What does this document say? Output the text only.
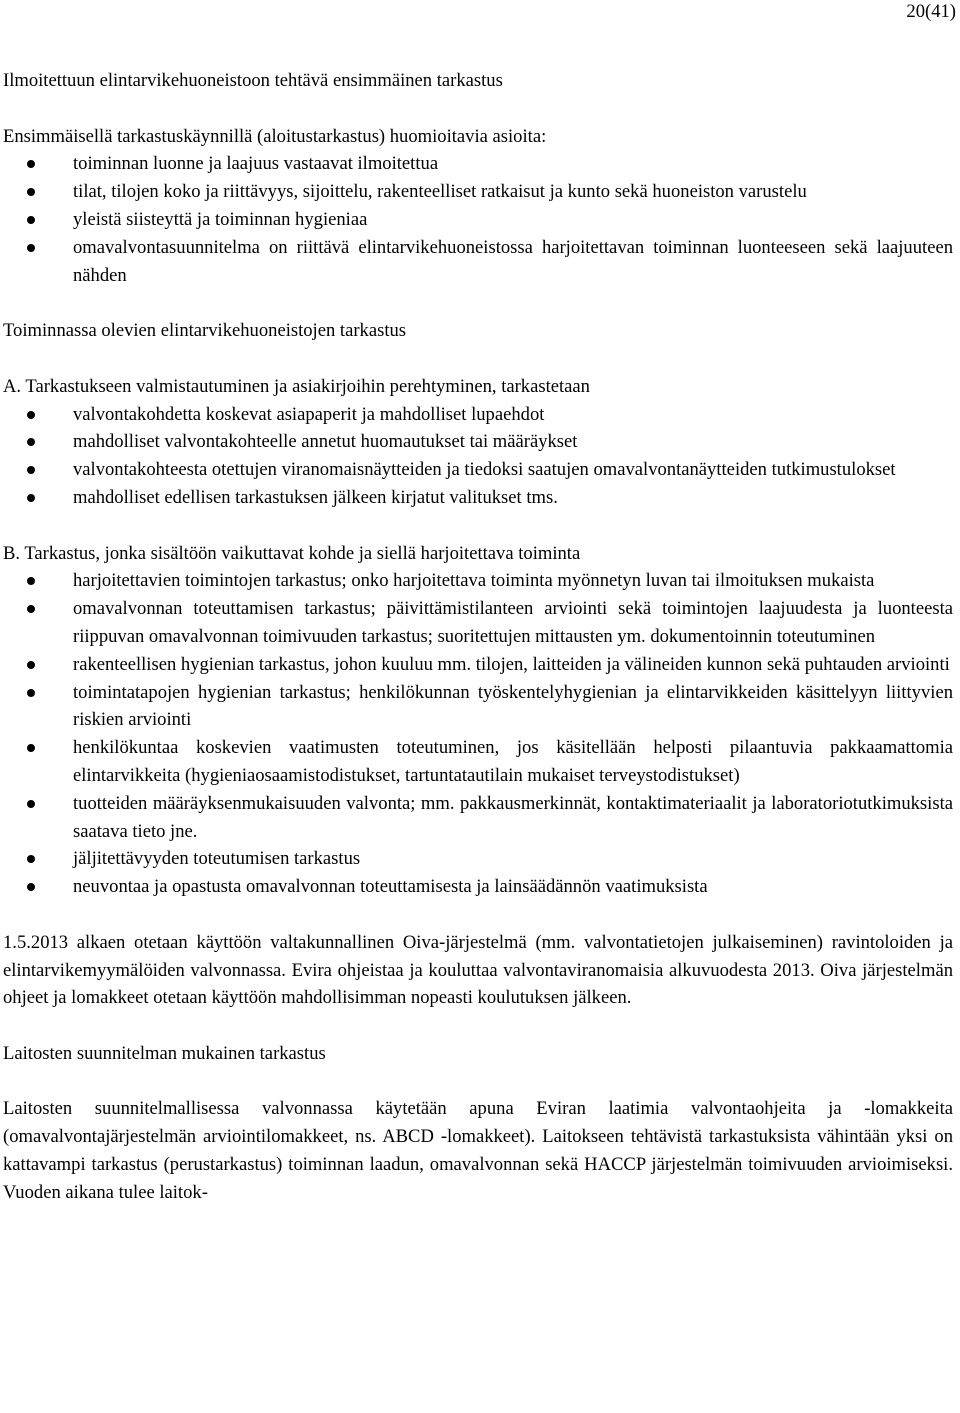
20(41)

Ilmoitettuun elintarvikehuoneistoon tehtävä ensimmäinen tarkastus

Ensimmäisellä tarkastuskäynnillä (aloitustarkastus) huomioitavia asioita:

toiminnan luonne ja laajuus vastaavat ilmoitettua
tilat, tilojen koko ja riittävyys, sijoittelu, rakenteelliset ratkaisut ja kunto sekä huoneiston varustelu
yleistä siisteyttä ja toiminnan hygieniaa
omavalvontasuunnitelma on riittävä elintarvikehuoneistossa harjoitettavan toiminnan luonteeseen sekä laajuuteen nähden

Toiminnassa olevien elintarvikehuoneistojen tarkastus

A. Tarkastukseen valmistautuminen ja asiakirjoihin perehtyminen, tarkastetaan

valvontakohdetta koskevat asiapaperit ja mahdolliset lupaehdot
mahdolliset valvontakohteelle annetut huomautukset tai määräykset
valvontakohteesta otettujen viranomaisnäytteiden ja tiedoksi saatujen omavalvontanäytteiden tutkimustulokset
mahdolliset edellisen tarkastuksen jälkeen kirjatut valitukset tms.

B. Tarkastus, jonka sisältöön vaikuttavat kohde ja siellä harjoitettava toiminta

harjoitettavien toimintojen tarkastus; onko harjoitettava toiminta myönnetyn luvan tai ilmoituksen mukaista
omavalvonnan toteuttamisen tarkastus; päivittämistilanteen arviointi sekä toimintojen laajuudesta ja luonteesta riippuvan omavalvonnan toimivuuden tarkastus; suoritettujen mittausten ym. dokumentoinnin toteutuminen
rakenteellisen hygienian tarkastus, johon kuuluu mm. tilojen, laitteiden ja välineiden kunnon sekä puhtauden arviointi
toimintatapojen hygienian tarkastus; henkilökunnan työskentelyhygienian ja elintarvikkeiden käsittelyyn liittyvien riskien arviointi
henkilökuntaa koskevien vaatimusten toteutuminen, jos käsitellään helposti pilaantuvia pakkaamattomia elintarvikkeita (hygieniaosaamistodistukset, tartuntatautilain mukaiset terveystodistukset)
tuotteiden määräyksenmukaisuuden valvonta; mm. pakkausmerkinnät, kontaktimateriaalit ja laboratoriotutkimuksista saatava tieto jne.
jäljitettävyyden toteutumisen tarkastus
neuvontaa ja opastusta omavalvonnan toteuttamisesta ja lainsäädännön vaatimuksista

1.5.2013 alkaen otetaan käyttöön valtakunnallinen Oiva-järjestelmä (mm. valvontatietojen julkaiseminen) ravintoloiden ja elintarvikemyymälöiden valvonnassa. Evira ohjeistaa ja kouluttaa valvontaviranomaisia alkuvuodesta 2013. Oiva järjestelmän ohjeet ja lomakkeet otetaan käyttöön mahdollisimman nopeasti koulutuksen jälkeen.

Laitosten suunnitelman mukainen tarkastus

Laitosten suunnitelmallisessa valvonnassa käytetään apuna Eviran laatimia valvontaohjeita ja -lomakkeita (omavalvontajärjestelmän arviointilomakkeet, ns. ABCD -lomakkeet). Laitokseen tehtävistä tarkastuksista vähintään yksi on kattavampi tarkastus (perustarkastus) toiminnan laadun, omavalvonnan sekä HACCP järjestelmän toimivuuden arvioimiseksi. Vuoden aikana tulee laitok-
